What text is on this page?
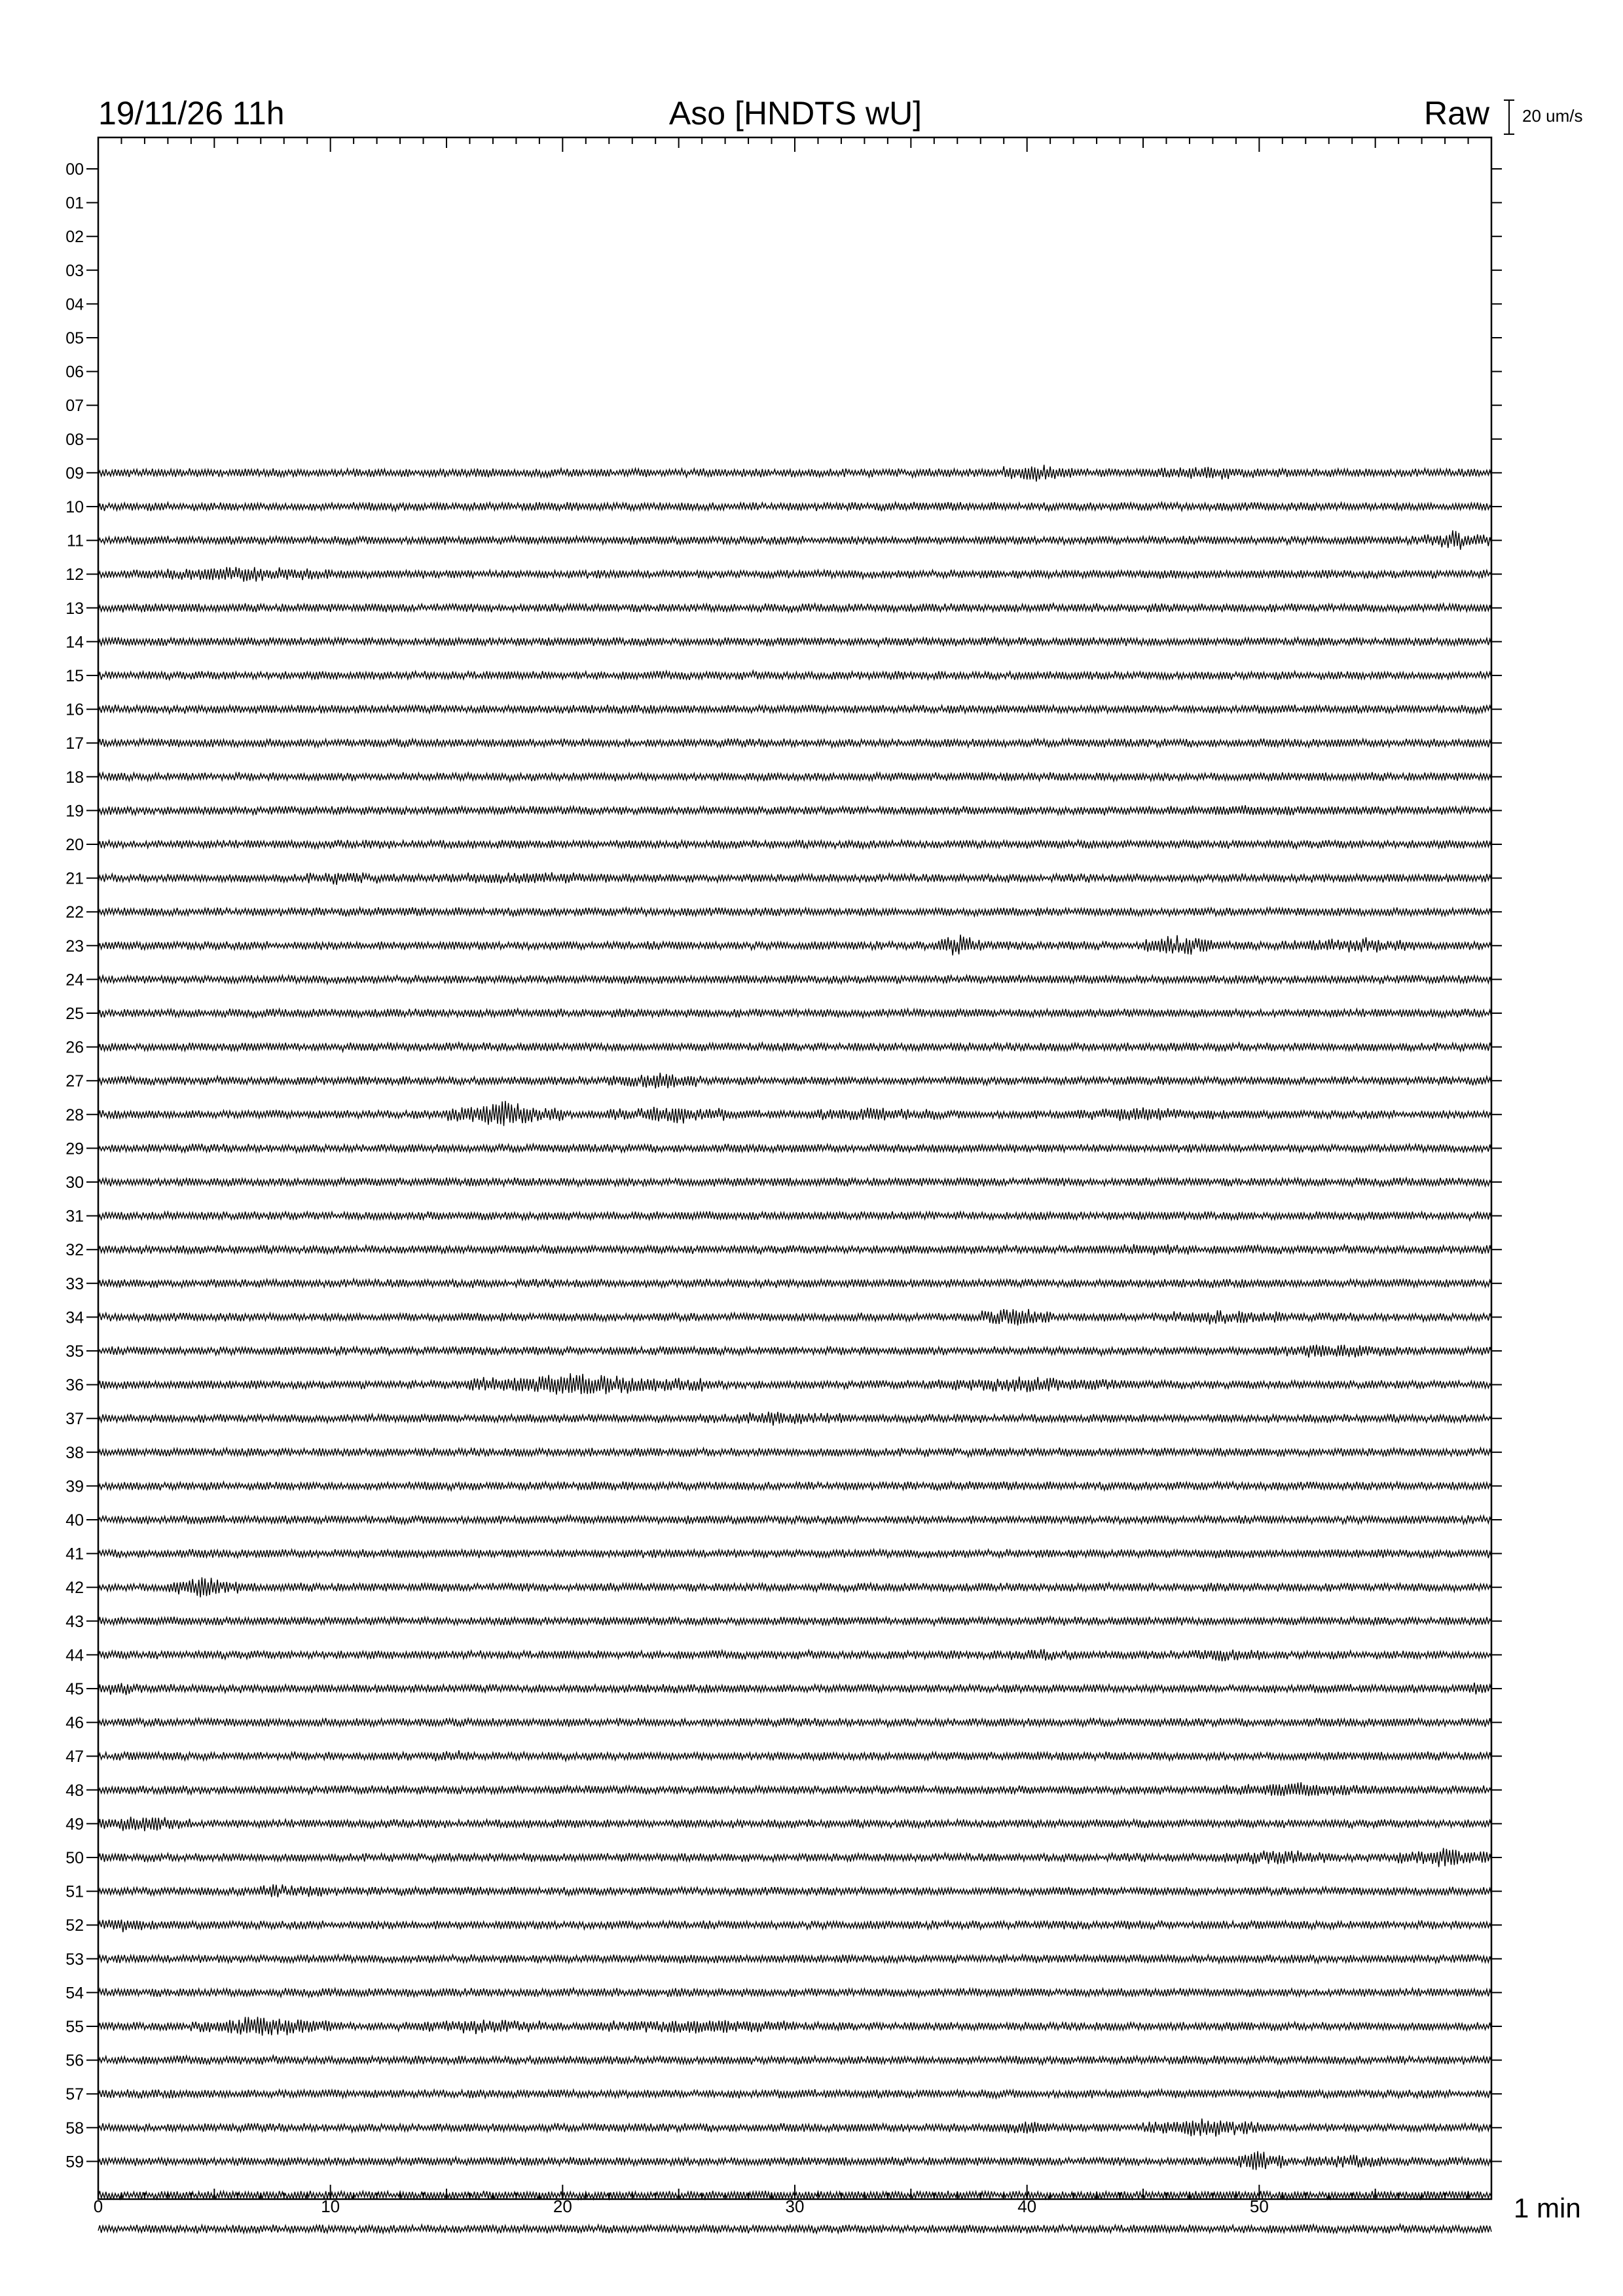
19/11/26 11h	Aso [HNDTS wU]	Raw 20 um/s
00
01
02
03
04
05
06
07
08
09
10
11
12
13
14
15
16
17
18
19
20
21
22
23
24
25
26
27
28
29
30
31
32
33
34
35
36
37
38
39
40
41
42
43
44
45
46
47
48
49
50
51
52
53
54
55
56
57
58
59
0	10	20	30	40	50	1 min
